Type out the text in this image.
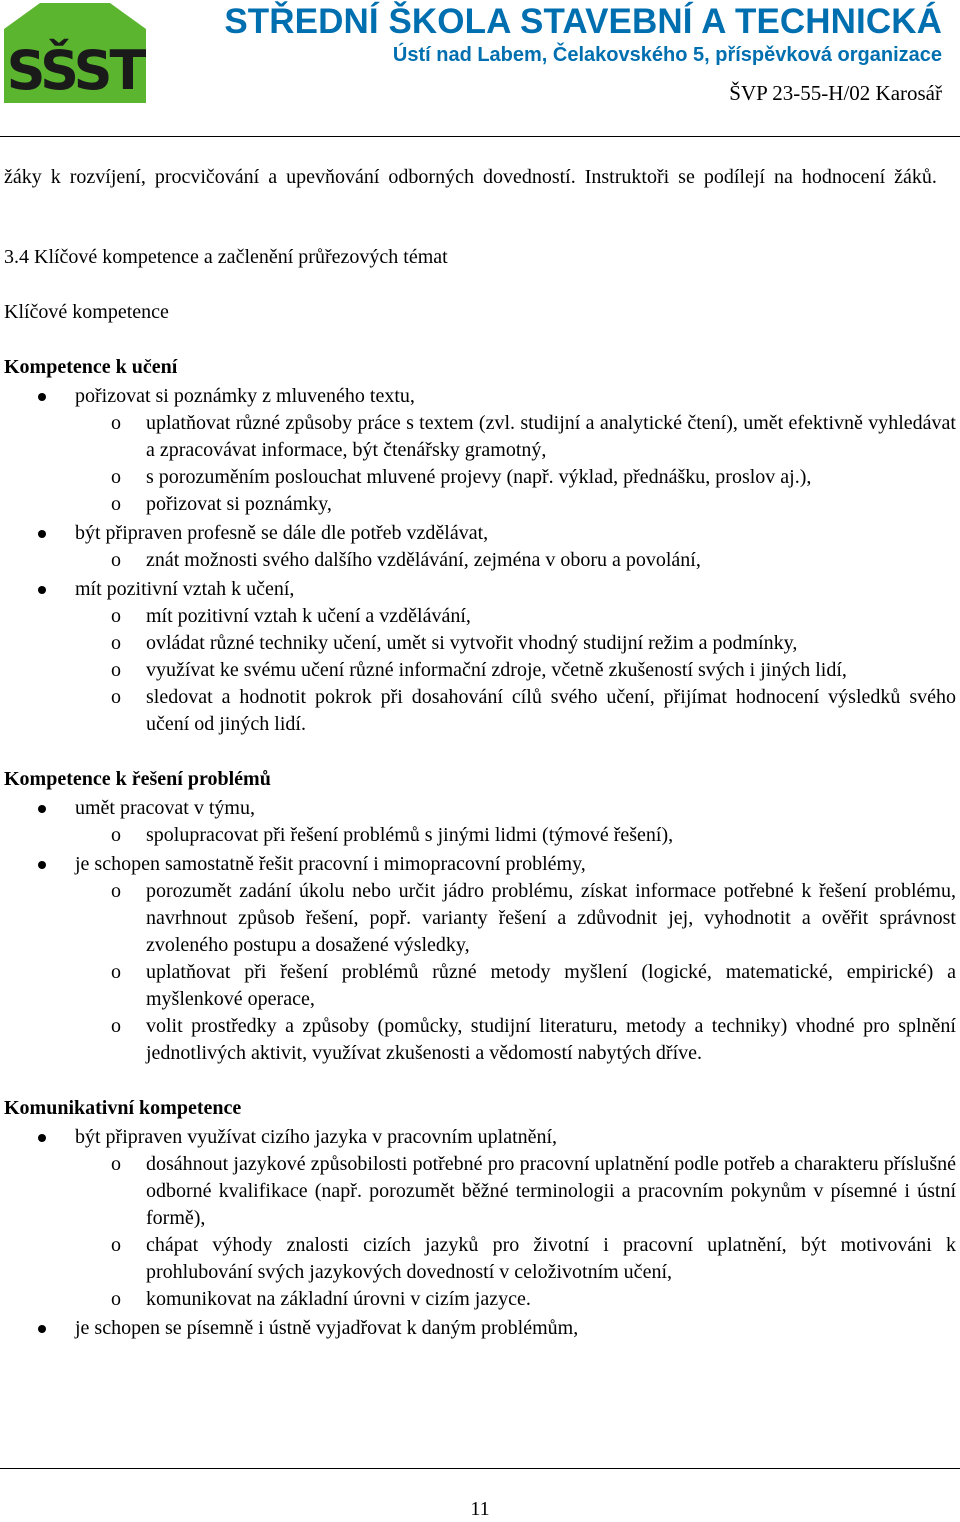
SŠST
STŘEDNÍ ŠKOLA STAVEBNÍ A TECHNICKÁ
Ústí nad Labem, Čelakovského 5, příspěvková organizace
ŠVP 23-55-H/02 Karosář

žáky k rozvíjení, procvičování a upevňování odborných dovedností. Instruktoři se podílejí na hodnocení žáků.

3.4 Klíčové kompetence a začlenění průřezových témat

Klíčové kompetence

Kompetence k učení

pořizovat si poznámky z mluveného textu,
o uplatňovat různé způsoby práce s textem (zvl. studijní a analytické čtení), umět efektivně vyhledávat a zpracovávat informace, být čtenářsky gramotný,
o s porozuměním poslouchat mluvené projevy (např. výklad, přednášku, proslov aj.),
o pořizovat si poznámky,
být připraven profesně se dále dle potřeb vzdělávat,
o znát možnosti svého dalšího vzdělávání, zejména v oboru a povolání,
mít pozitivní vztah k učení,
o mít pozitivní vztah k učení a vzdělávání,
o ovládat různé techniky učení, umět si vytvořit vhodný studijní režim a podmínky,
o využívat ke svému učení různé informační zdroje, včetně zkušeností svých i jiných lidí,
o sledovat a hodnotit pokrok při dosahování cílů svého učení, přijímat hodnocení výsledků svého učení od jiných lidí.

Kompetence k řešení problémů

umět pracovat v týmu,
o spolupracovat při řešení problémů s jinými lidmi (týmové řešení),
je schopen samostatně řešit pracovní i mimopracovní problémy,
o porozumět zadání úkolu nebo určit jádro problému, získat informace potřebné k řešení problému, navrhnout způsob řešení, popř. varianty řešení a zdůvodnit jej, vyhodnotit a ověřit správnost zvoleného postupu a dosažené výsledky,
o uplatňovat při řešení problémů různé metody myšlení (logické, matematické, empirické) a myšlenkové operace,
o volit prostředky a způsoby (pomůcky, studijní literaturu, metody a techniky) vhodné pro splnění jednotlivých aktivit, využívat zkušenosti a vědomostí nabytých dříve.

Komunikativní kompetence

být připraven využívat cizího jazyka v pracovním uplatnění,
o dosáhnout jazykové způsobilosti potřebné pro pracovní uplatnění podle potřeb a charakteru příslušné odborné kvalifikace (např. porozumět běžné terminologii a pracovním pokynům v písemné i ústní formě),
o chápat výhody znalosti cizích jazyků pro životní i pracovní uplatnění, být motivováni k prohlubování svých jazykových dovedností v celoživotním učení,
o komunikovat na základní úrovni v cizím jazyce.
je schopen se písemně i ústně vyjadřovat k daným problémům,
11
